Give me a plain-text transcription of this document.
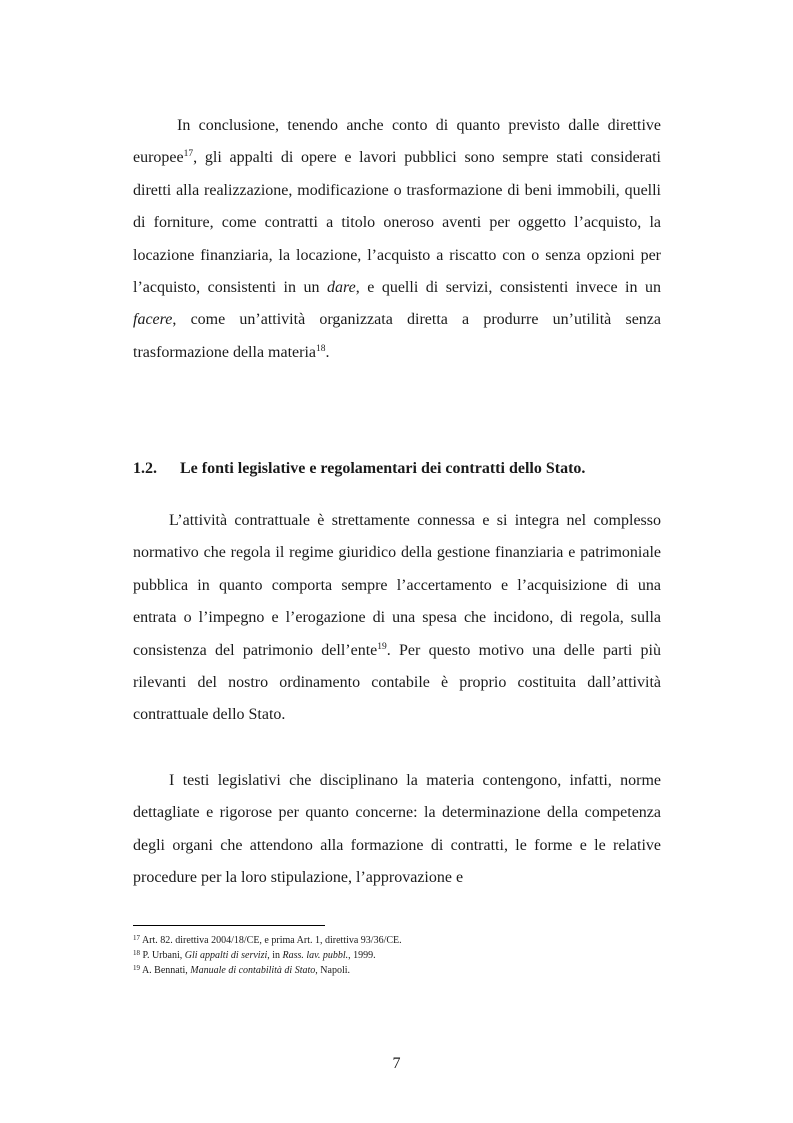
In conclusione, tenendo anche conto di quanto previsto dalle direttive europee$^{17}$, gli appalti di opere e lavori pubblici sono sempre stati considerati diretti alla realizzazione, modificazione o trasformazione di beni immobili, quelli di forniture, come contratti a titolo oneroso aventi per oggetto l’acquisto, la locazione finanziaria, la locazione, l’acquisto a riscatto con o senza opzioni per l’acquisto, consistenti in un dare, e quelli di servizi, consistenti invece in un facere, come un’attività organizzata diretta a produrre un’utilità senza trasformazione della materia$^{18}$.

1.2. Le fonti legislative e regolamentari dei contratti dello Stato.

L’attività contrattuale è strettamente connessa e si integra nel complesso normativo che regola il regime giuridico della gestione finanziaria e patrimoniale pubblica in quanto comporta sempre l’accertamento e l’acquisizione di una entrata o l’impegno e l’erogazione di una spesa che incidono, di regola, sulla consistenza del patrimonio dell’ente$^{19}$. Per questo motivo una delle parti più rilevanti del nostro ordinamento contabile è proprio costituita dall’attività contrattuale dello Stato.

I testi legislativi che disciplinano la materia contengono, infatti, norme dettagliate e rigorose per quanto concerne: la determinazione della competenza degli organi che attendono alla formazione di contratti, le forme e le relative procedure per la loro stipulazione, l’approvazione e

$^{17}$ Art. 82. direttiva 2004/18/CE, e prima Art. 1, direttiva 93/36/CE.
$^{18}$ P. Urbani, Gli appalti di servizi, in Rass. lav. pubbl., 1999.
$^{19}$ A. Bennati, Manuale di contabilità di Stato, Napoli.
7
